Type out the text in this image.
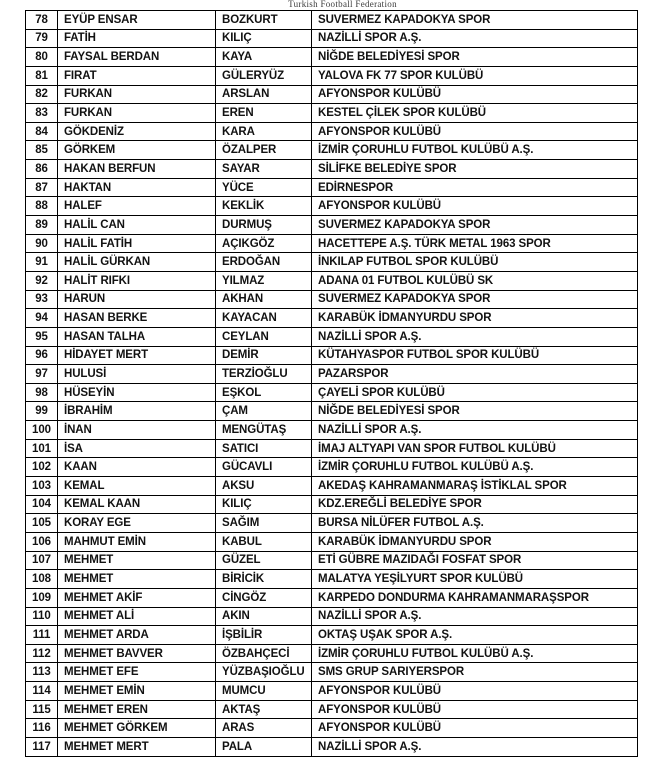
Turkish Football Federation
78	EYÜP ENSAR	BOZKURT	SUVERMEZ KAPADOKYA SPOR
79	FATİH	KILIÇ	NAZİLLİ SPOR A.Ş.
80	FAYSAL BERDAN	KAYA	NİĞDE BELEDİYESİ SPOR
81	FIRAT	GÜLERYÜZ	YALOVA FK 77 SPOR KULÜBÜ
82	FURKAN	ARSLAN	AFYONSPOR KULÜBÜ
83	FURKAN	EREN	KESTEL ÇİLEK SPOR KULÜBÜ
84	GÖKDENİZ	KARA	AFYONSPOR KULÜBÜ
85	GÖRKEM	ÖZALPER	İZMİR ÇORUHLU FUTBOL KULÜBÜ A.Ş.
86	HAKAN BERFUN	SAYAR	SİLİFKE BELEDİYE SPOR
87	HAKTAN	YÜCE	EDİRNESPOR
88	HALEF	KEKLİK	AFYONSPOR KULÜBÜ
89	HALİL CAN	DURMUŞ	SUVERMEZ KAPADOKYA SPOR
90	HALİL FATİH	AÇIKGÖZ	HACETTEPE A.Ş. TÜRK METAL 1963 SPOR
91	HALİL GÜRKAN	ERDOĞAN	İNKILAP FUTBOL SPOR KULÜBÜ
92	HALİT RIFKI	YILMAZ	ADANA 01 FUTBOL KULÜBÜ SK
93	HARUN	AKHAN	SUVERMEZ KAPADOKYA SPOR
94	HASAN BERKE	KAYACAN	KARABÜK İDMANYURDU SPOR
95	HASAN TALHA	CEYLAN	NAZİLLİ SPOR A.Ş.
96	HİDAYET MERT	DEMİR	KÜTAHYASPOR FUTBOL SPOR KULÜBÜ
97	HULUSİ	TERZİOĞLU	PAZARSPOR
98	HÜSEYİN	EŞKOL	ÇAYELİ SPOR KULÜBÜ
99	İBRAHİM	ÇAM	NİĞDE BELEDİYESİ SPOR
100	İNAN	MENGÜTAŞ	NAZİLLİ SPOR A.Ş.
101	İSA	SATICI	İMAJ ALTYAPI VAN SPOR FUTBOL KULÜBÜ
102	KAAN	GÜCAVLI	İZMİR ÇORUHLU FUTBOL KULÜBÜ A.Ş.
103	KEMAL	AKSU	AKEDAŞ KAHRAMANMARAŞ İSTİKLAL SPOR
104	KEMAL KAAN	KILIÇ	KDZ.EREĞLİ BELEDİYE SPOR
105	KORAY EGE	SAĞIM	BURSA NİLÜFER FUTBOL A.Ş.
106	MAHMUT EMİN	KABUL	KARABÜK İDMANYURDU SPOR
107	MEHMET	GÜZEL	ETİ GÜBRE MAZIDAĞI FOSFAT SPOR
108	MEHMET	BİRİCİK	MALATYA YEŞİLYURT SPOR KULÜBÜ
109	MEHMET AKİF	CİNGÖZ	KARPEDO DONDURMA KAHRAMANMARAŞSPOR
110	MEHMET ALİ	AKIN	NAZİLLİ SPOR A.Ş.
111	MEHMET ARDA	İŞBİLİR	OKTAŞ UŞAK SPOR A.Ş.
112	MEHMET BAVVER	ÖZBAHÇECİ	İZMİR ÇORUHLU FUTBOL KULÜBÜ A.Ş.
113	MEHMET EFE	YÜZBAŞIOĞLU	SMS GRUP SARIYERSPOR
114	MEHMET EMİN	MUMCU	AFYONSPOR KULÜBÜ
115	MEHMET EREN	AKTAŞ	AFYONSPOR KULÜBÜ
116	MEHMET GÖRKEM	ARAS	AFYONSPOR KULÜBÜ
117	MEHMET MERT	PALA	NAZİLLİ SPOR A.Ş.
